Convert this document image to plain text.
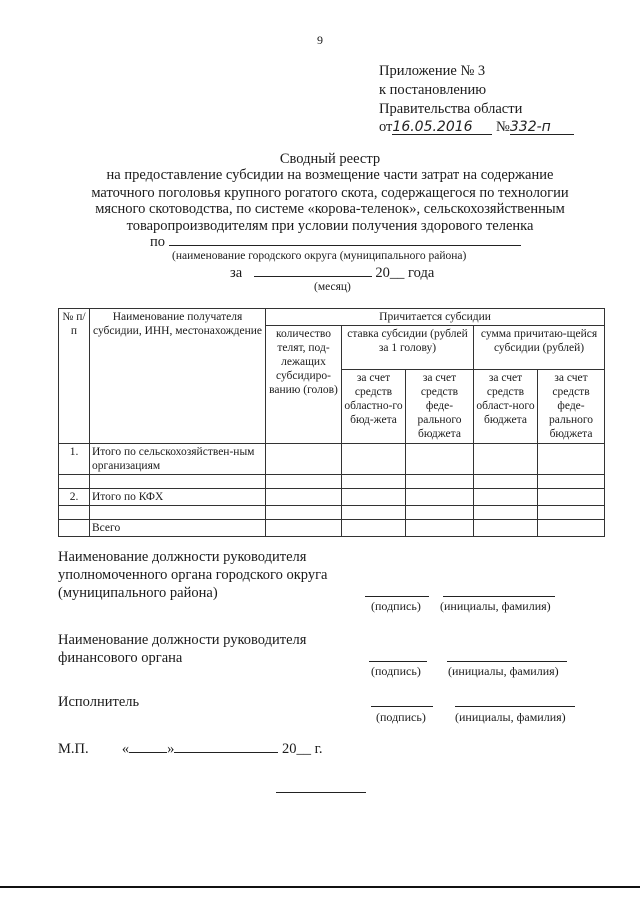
9
Приложение № 3
к постановлению
Правительства области
от16.05.2016 №332-п
Сводный реестр
на предоставление субсидии на возмещение части затрат на содержание
маточного поголовья крупного рогатого скота, содержащегося по технологии
мясного скотоводства, по системе «корова-теленок», сельскохозяйственным
товаропроизводителям при условии получения здорового теленка
по
(наименование городского округа (муниципального района)
за	20__ года
(месяц)
№ п/п	Наименование получателя субсидии, ИНН, местонахождение	Причитается субсидии				
		количество телят, под-лежащих субсидиро-ванию (голов)	ставка субсидии (рублей за 1 голову)		сумма причитаю-щейся субсидии (рублей)	
			за счет средств областно-го бюд-жета	за счет средств феде-рального бюджета	за счет средств област-ного бюджета	за счет средств феде-рального бюджета
1.	Итого по сельскохозяйствен-ным организациям					

2.	Итого по КФХ					

	Всего					
Наименование должности руководителя
уполномоченного органа городского округа
(муниципального района)
(подпись) (инициалы, фамилия)
Наименование должности руководителя
финансового органа
(подпись) (инициалы, фамилия)
Исполнитель
(подпись) (инициалы, фамилия)
М.П. «	»	20__ г.
